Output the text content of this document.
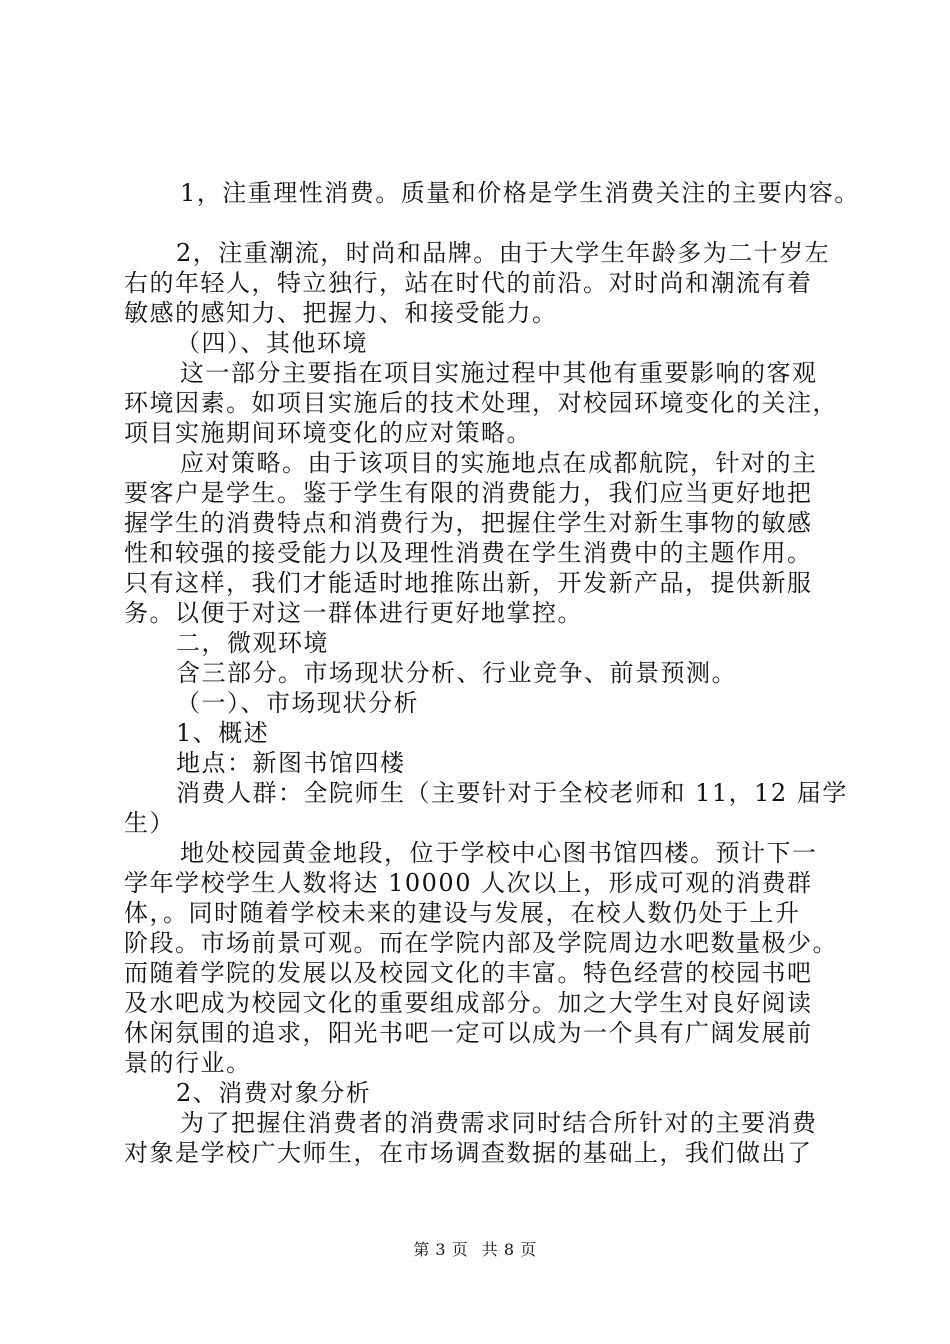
1，注重理性消费。质量和价格是学生消费关注的主要内容。
2，注重潮流，时尚和品牌。由于大学生年龄多为二十岁左
右的年轻人，特立独行，站在时代的前沿。对时尚和潮流有着
敏感的感知力、把握力、和接受能力。
（四）、其他环境
这一部分主要指在项目实施过程中其他有重要影响的客观
环境因素。如项目实施后的技术处理，对校园环境变化的关注，
项目实施期间环境变化的应对策略。
应对策略。由于该项目的实施地点在成都航院，针对的主
要客户是学生。鉴于学生有限的消费能力，我们应当更好地把
握学生的消费特点和消费行为，把握住学生对新生事物的敏感
性和较强的接受能力以及理性消费在学生消费中的主题作用。
只有这样，我们才能适时地推陈出新，开发新产品，提供新服
务。以便于对这一群体进行更好地掌控。
二，微观环境
含三部分。市场现状分析、行业竞争、前景预测。
（一）、市场现状分析
1、概述
地点：新图书馆四楼
消费人群：全院师生（主要针对于全校老师和 11，12 届学
生）
地处校园黄金地段，位于学校中心图书馆四楼。预计下一
学年学校学生人数将达 10000 人次以上，形成可观的消费群
体，。同时随着学校未来的建设与发展，在校人数仍处于上升
阶段。市场前景可观。而在学院内部及学院周边水吧数量极少。
而随着学院的发展以及校园文化的丰富。特色经营的校园书吧
及水吧成为校园文化的重要组成部分。加之大学生对良好阅读
休闲氛围的追求，阳光书吧一定可以成为一个具有广阔发展前
景的行业。
2、消费对象分析
为了把握住消费者的消费需求同时结合所针对的主要消费
对象是学校广大师生，在市场调查数据的基础上，我们做出了
第 3 页 共 8 页
